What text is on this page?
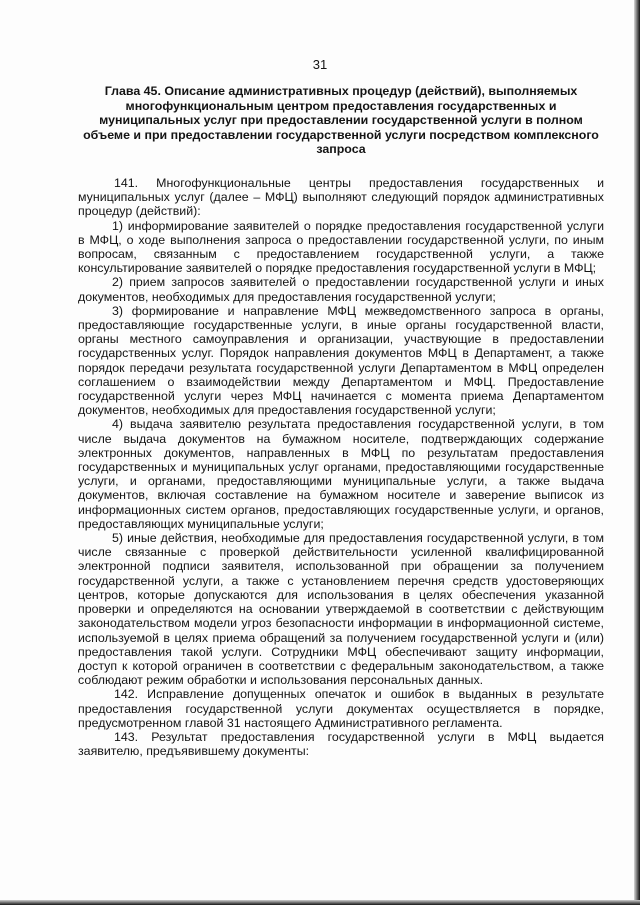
31
Глава 45. Описание административных процедур (действий), выполняемых многофункциональным центром предоставления государственных и муниципальных услуг при предоставлении государственной услуги в полном объеме и при предоставлении государственной услуги посредством комплексного запроса

141. Многофункциональные центры предоставления государственных и муниципальных услуг (далее – МФЦ) выполняют следующий порядок административных процедур (действий):

1) информирование заявителей о порядке предоставления государственной услуги в МФЦ, о ходе выполнения запроса о предоставлении государственной услуги, по иным вопросам, связанным с предоставлением государственной услуги, а также консультирование заявителей о порядке предоставления государственной услуги в МФЦ;

2) прием запросов заявителей о предоставлении государственной услуги и иных документов, необходимых для предоставления государственной услуги;

3) формирование и направление МФЦ межведомственного запроса в органы, предоставляющие государственные услуги, в иные органы государственной власти, органы местного самоуправления и организации, участвующие в предоставлении государственных услуг. Порядок направления документов МФЦ в Департамент, а также порядок передачи результата государственной услуги Департаментом в МФЦ определен соглашением о взаимодействии между Департаментом и МФЦ. Предоставление государственной услуги через МФЦ начинается с момента приема Департаментом документов, необходимых для предоставления государственной услуги;

4) выдача заявителю результата предоставления государственной услуги, в том числе выдача документов на бумажном носителе, подтверждающих содержание электронных документов, направленных в МФЦ по результатам предоставления государственных и муниципальных услуг органами, предоставляющими государственные услуги, и органами, предоставляющими муниципальные услуги, а также выдача документов, включая составление на бумажном носителе и заверение выписок из информационных систем органов, предоставляющих государственные услуги, и органов, предоставляющих муниципальные услуги;

5) иные действия, необходимые для предоставления государственной услуги, в том числе связанные с проверкой действительности усиленной квалифицированной электронной подписи заявителя, использованной при обращении за получением государственной услуги, а также с установлением перечня средств удостоверяющих центров, которые допускаются для использования в целях обеспечения указанной проверки и определяются на основании утверждаемой в соответствии с действующим законодательством модели угроз безопасности информации в информационной системе, используемой в целях приема обращений за получением государственной услуги и (или) предоставления такой услуги. Сотрудники МФЦ обеспечивают защиту информации, доступ к которой ограничен в соответствии с федеральным законодательством, а также соблюдают режим обработки и использования персональных данных.

142. Исправление допущенных опечаток и ошибок в выданных в результате предоставления государственной услуги документах осуществляется в порядке, предусмотренном главой 31 настоящего Административного регламента.

143. Результат предоставления государственной услуги в МФЦ выдается заявителю, предъявившему документы:
